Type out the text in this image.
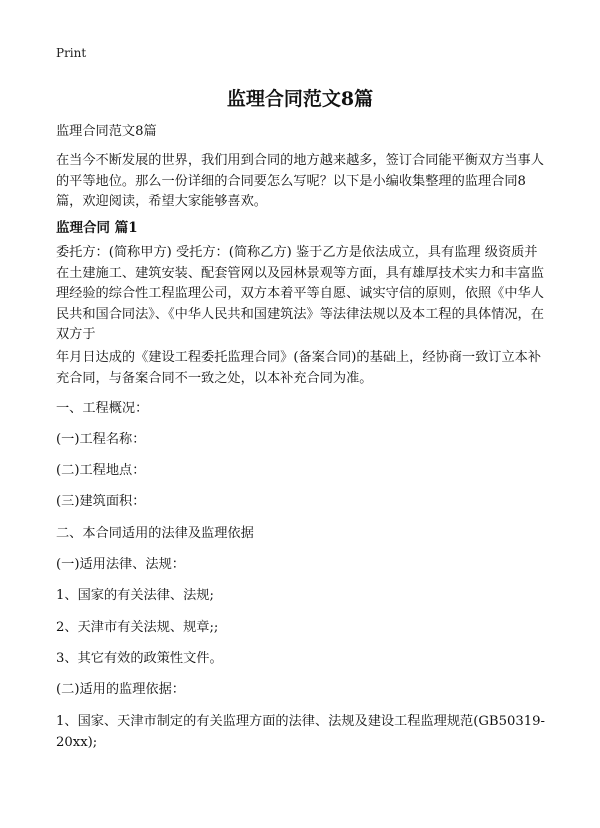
Print
监理合同范文8篇

监理合同范文8篇

在当今不断发展的世界，我们用到合同的地方越来越多，签订合同能平衡双方当事人的平等地位。那么一份详细的合同要怎么写呢？以下是小编收集整理的监理合同8篇，欢迎阅读，希望大家能够喜欢。

监理合同 篇1

委托方：(简称甲方) 受托方：(简称乙方) 鉴于乙方是依法成立，具有监理 级资质并在土建施工、建筑安装、配套管网以及园林景观等方面，具有雄厚技术实力和丰富监理经验的综合性工程监理公司，双方本着平等自愿、诚实守信的原则，依照《中华人民共和国合同法》、《中华人民共和国建筑法》等法律法规以及本工程的具体情况，在双方于

年月日达成的《建设工程委托监理合同》(备案合同)的基础上，经协商一致订立本补充合同，与备案合同不一致之处，以本补充合同为准。

一、工程概况：

(一)工程名称：

(二)工程地点：

(三)建筑面积：

二、本合同适用的法律及监理依据

(一)适用法律、法规：

1、国家的有关法律、法规;

2、天津市有关法规、规章;;

3、其它有效的政策性文件。

(二)适用的监理依据：

1、国家、天津市制定的有关监理方面的法律、法规及建设工程监理规范(GB50319-20xx);
